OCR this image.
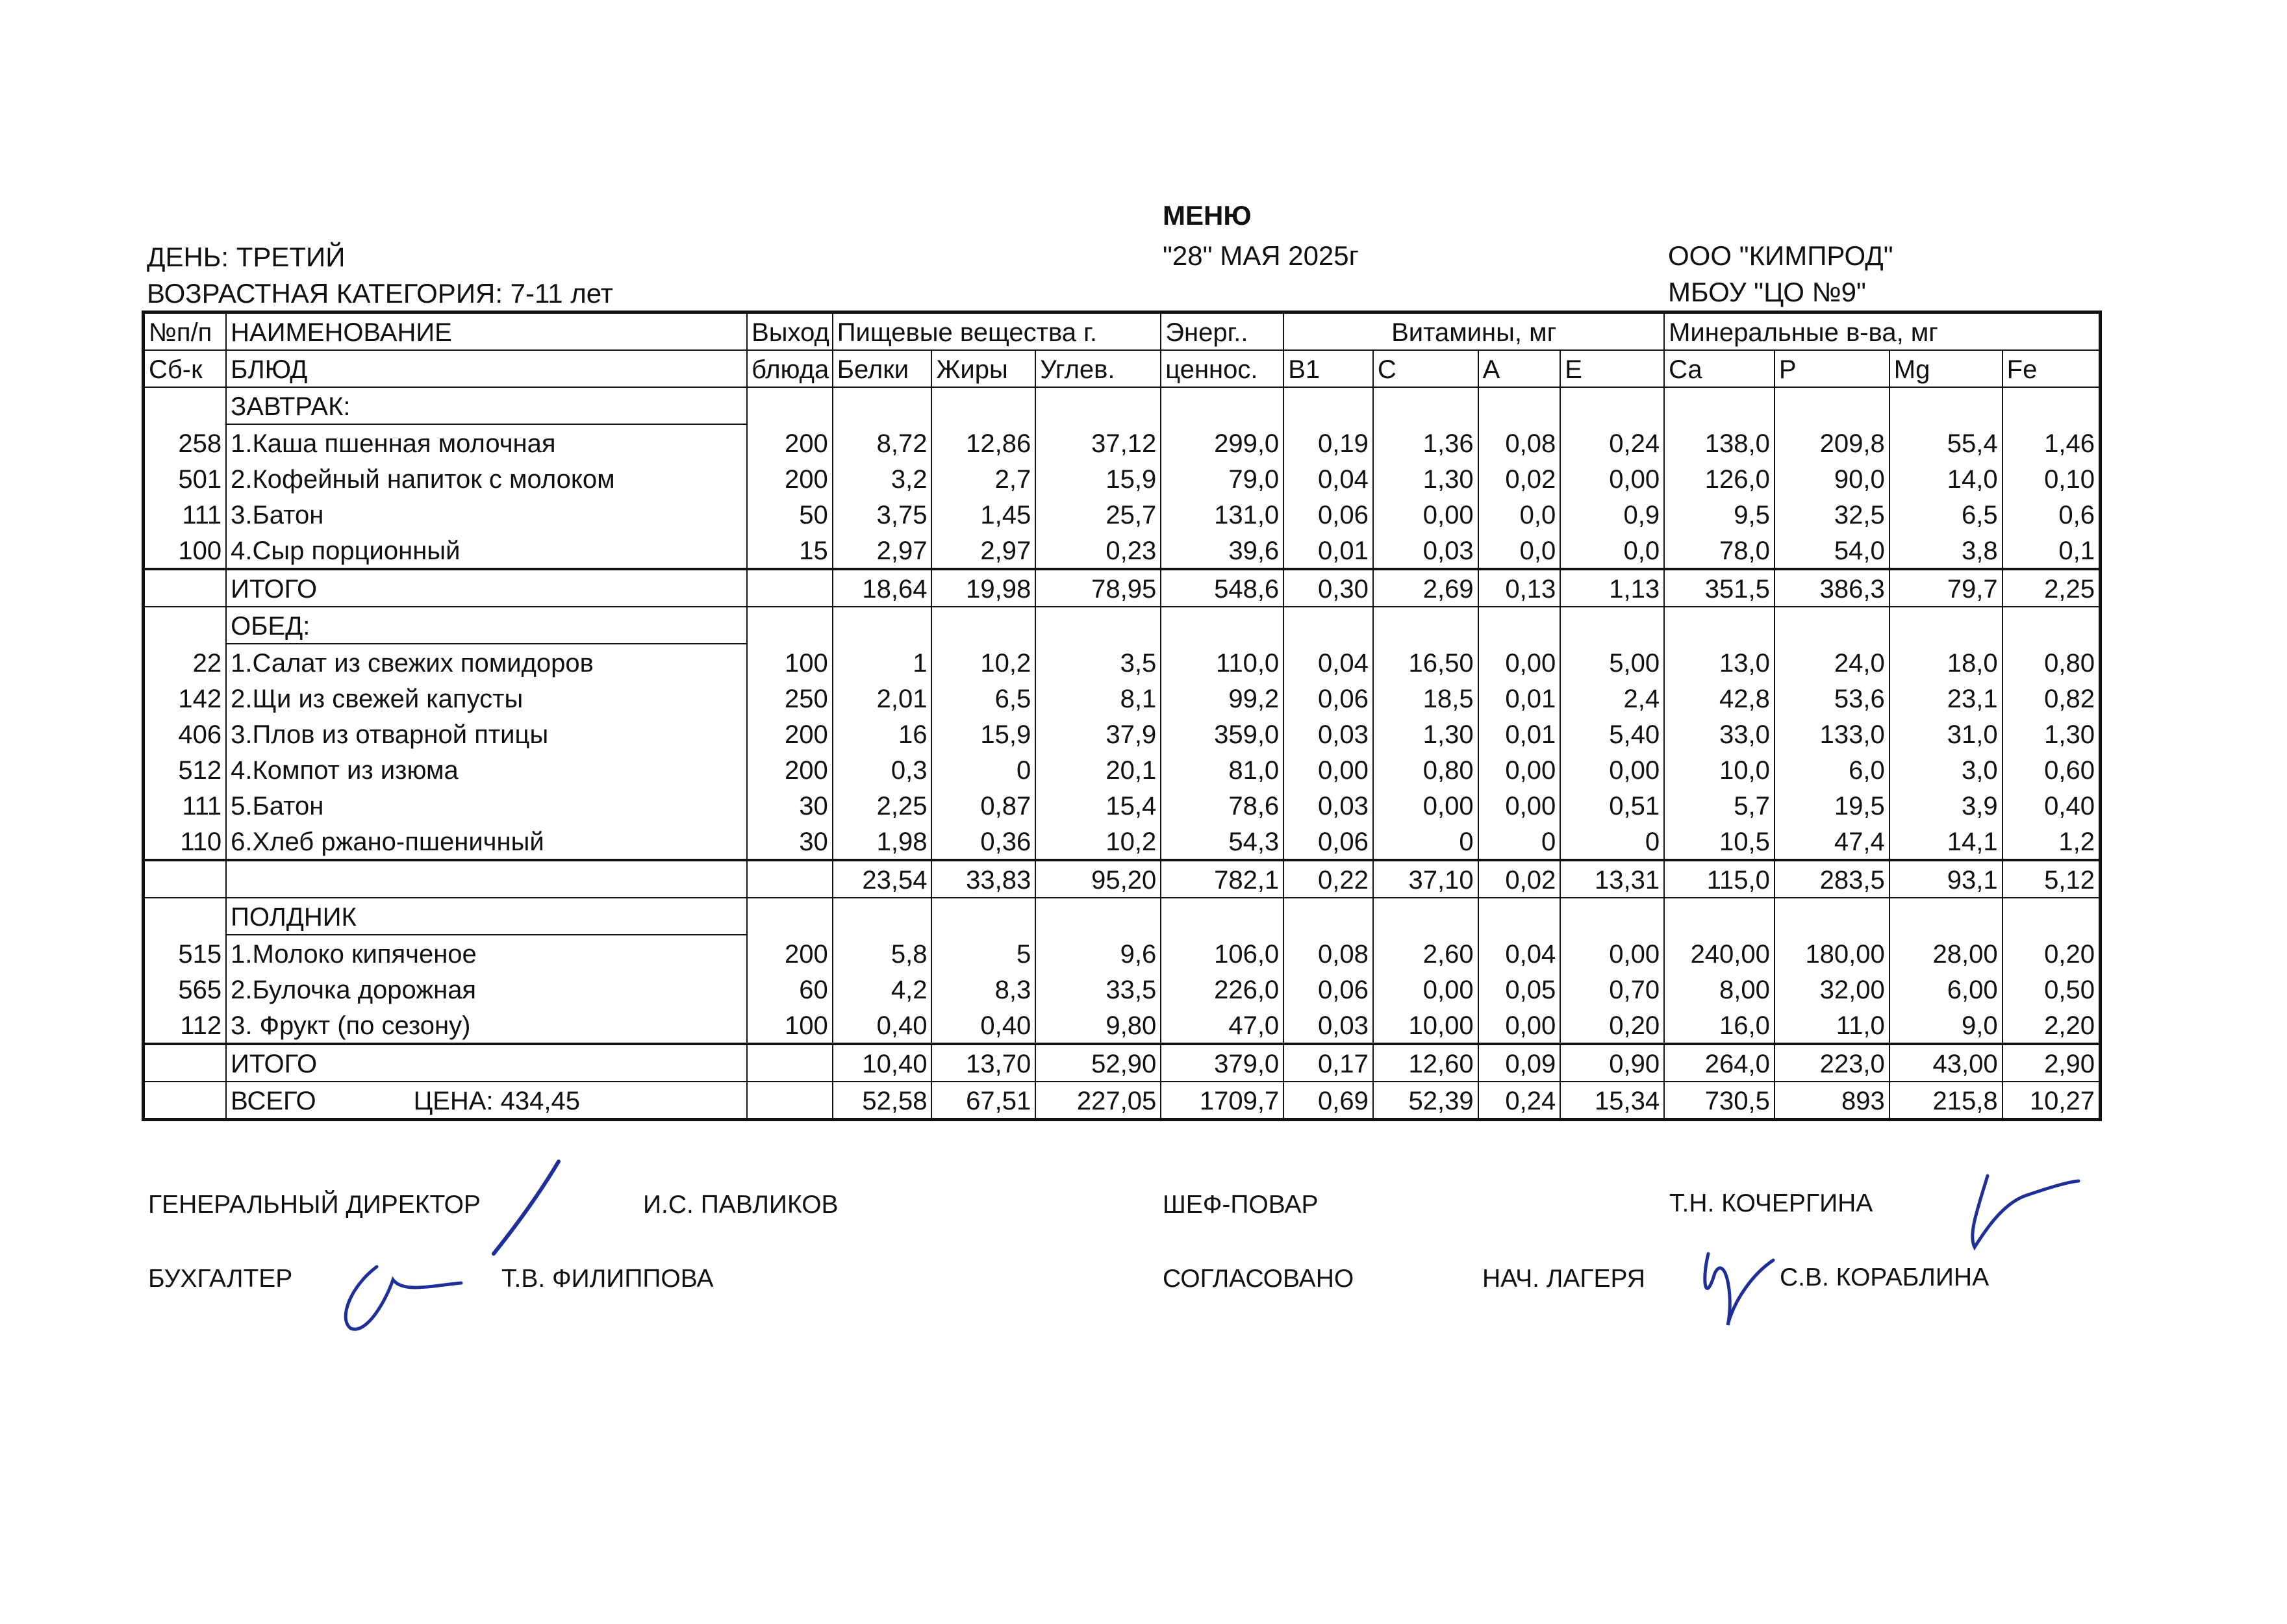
МЕНЮ
ДЕНЬ: ТРЕТИЙ	"28" МАЯ 2025г	ООО "КИМПРОД"
ВОЗРАСТНАЯ КАТЕГОРИЯ: 7-11 лет	МБОУ "ЦО №9"
№п/п	НАИМЕНОВАНИЕ	Выход	Пищевые вещества г.			Энерг..	Витамины, мг				Минеральные в-ва, мг			
Сб-к	БЛЮД	блюда	Белки	Жиры	Углев.	ценнос.	В1	С	А	Е	Са	Р	Mg	Fe
	ЗАВТРАК:													
258	1.Каша пшенная молочная	200	8,72	12,86	37,12	299,0	0,19	1,36	0,08	0,24	138,0	209,8	55,4	1,46
501	2.Кофейный напиток с молоком	200	3,2	2,7	15,9	79,0	0,04	1,30	0,02	0,00	126,0	90,0	14,0	0,10
111	3.Батон	50	3,75	1,45	25,7	131,0	0,06	0,00	0,0	0,9	9,5	32,5	6,5	0,6
100	4.Сыр порционный	15	2,97	2,97	0,23	39,6	0,01	0,03	0,0	0,0	78,0	54,0	3,8	0,1
	ИТОГО		18,64	19,98	78,95	548,6	0,30	2,69	0,13	1,13	351,5	386,3	79,7	2,25
	ОБЕД:													
22	1.Салат из свежих помидоров	100	1	10,2	3,5	110,0	0,04	16,50	0,00	5,00	13,0	24,0	18,0	0,80
142	2.Щи из свежей капусты	250	2,01	6,5	8,1	99,2	0,06	18,5	0,01	2,4	42,8	53,6	23,1	0,82
406	3.Плов из отварной птицы	200	16	15,9	37,9	359,0	0,03	1,30	0,01	5,40	33,0	133,0	31,0	1,30
512	4.Компот из изюма	200	0,3	0	20,1	81,0	0,00	0,80	0,00	0,00	10,0	6,0	3,0	0,60
111	5.Батон	30	2,25	0,87	15,4	78,6	0,03	0,00	0,00	0,51	5,7	19,5	3,9	0,40
110	6.Хлеб ржано-пшеничный	30	1,98	0,36	10,2	54,3	0,06	0	0	0	10,5	47,4	14,1	1,2
			23,54	33,83	95,20	782,1	0,22	37,10	0,02	13,31	115,0	283,5	93,1	5,12
	ПОЛДНИК													
515	1.Молоко кипяченое	200	5,8	5	9,6	106,0	0,08	2,60	0,04	0,00	240,00	180,00	28,00	0,20
565	2.Булочка дорожная	60	4,2	8,3	33,5	226,0	0,06	0,00	0,05	0,70	8,00	32,00	6,00	0,50
112	3. Фрукт (по сезону)	100	0,40	0,40	9,80	47,0	0,03	10,00	0,00	0,20	16,0	11,0	9,0	2,20
	ИТОГО		10,40	13,70	52,90	379,0	0,17	12,60	0,09	0,90	264,0	223,0	43,00	2,90
	ВСЕГО ЦЕНА: 434,45		52,58	67,51	227,05	1709,7	0,69	52,39	0,24	15,34	730,5	893	215,8	10,27
ГЕНЕРАЛЬНЫЙ ДИРЕКТОР	И.С. ПАВЛИКОВ	ШЕФ-ПОВАР	Т.Н. КОЧЕРГИНА
БУХГАЛТЕР	Т.В. ФИЛИППОВА	СОГЛАСОВАНО	НАЧ. ЛАГЕРЯ	С.В. КОРАБЛИНА
